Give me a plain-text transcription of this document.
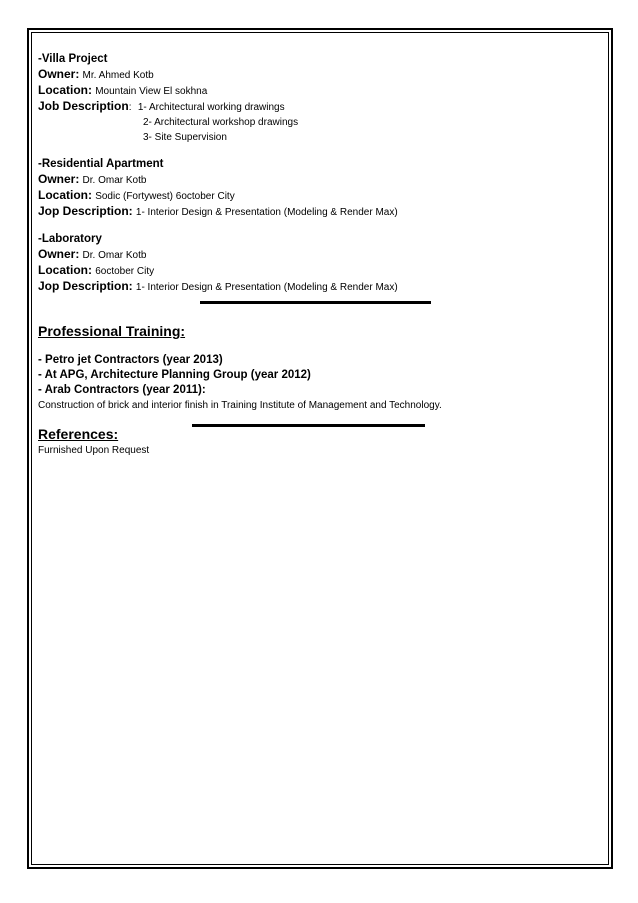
-Villa Project
Owner: Mr. Ahmed Kotb
Location: Mountain View El sokhna
Job Description: 1- Architectural working drawings
2- Architectural workshop drawings
3- Site Supervision
-Residential Apartment
Owner: Dr. Omar Kotb
Location: Sodic (Fortywest) 6october City
Jop Description: 1- Interior Design & Presentation (Modeling & Render Max)
-Laboratory
Owner: Dr. Omar Kotb
Location: 6october City
Jop Description: 1- Interior Design & Presentation (Modeling & Render Max)
Professional Training:
- Petro jet Contractors (year 2013)
- At APG, Architecture Planning Group (year 2012)
- Arab Contractors (year 2011):
Construction of brick and interior finish in Training Institute of Management and Technology.
References:
Furnished Upon Request
